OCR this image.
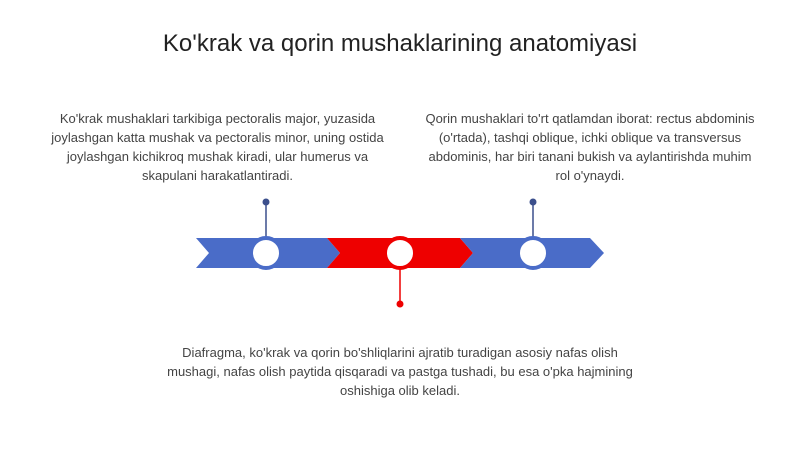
Ko'krak va qorin mushaklarining anatomiyasi
Ko'krak mushaklari tarkibiga pectoralis major, yuzasida joylashgan katta mushak va pectoralis minor, uning ostida joylashgan kichikroq mushak kiradi, ular humerus va skapulani harakatlantiradi.
Qorin mushaklari to'rt qatlamdan iborat: rectus abdominis (o'rtada), tashqi oblique, ichki oblique va transversus abdominis, har biri tanani bukish va aylantirishda muhim rol o'ynaydi.
Diafragma, ko'krak va qorin bo'shliqlarini ajratib turadigan asosiy nafas olish mushagi, nafas olish paytida qisqaradi va pastga tushadi, bu esa o'pka hajmining oshishiga olib keladi.
